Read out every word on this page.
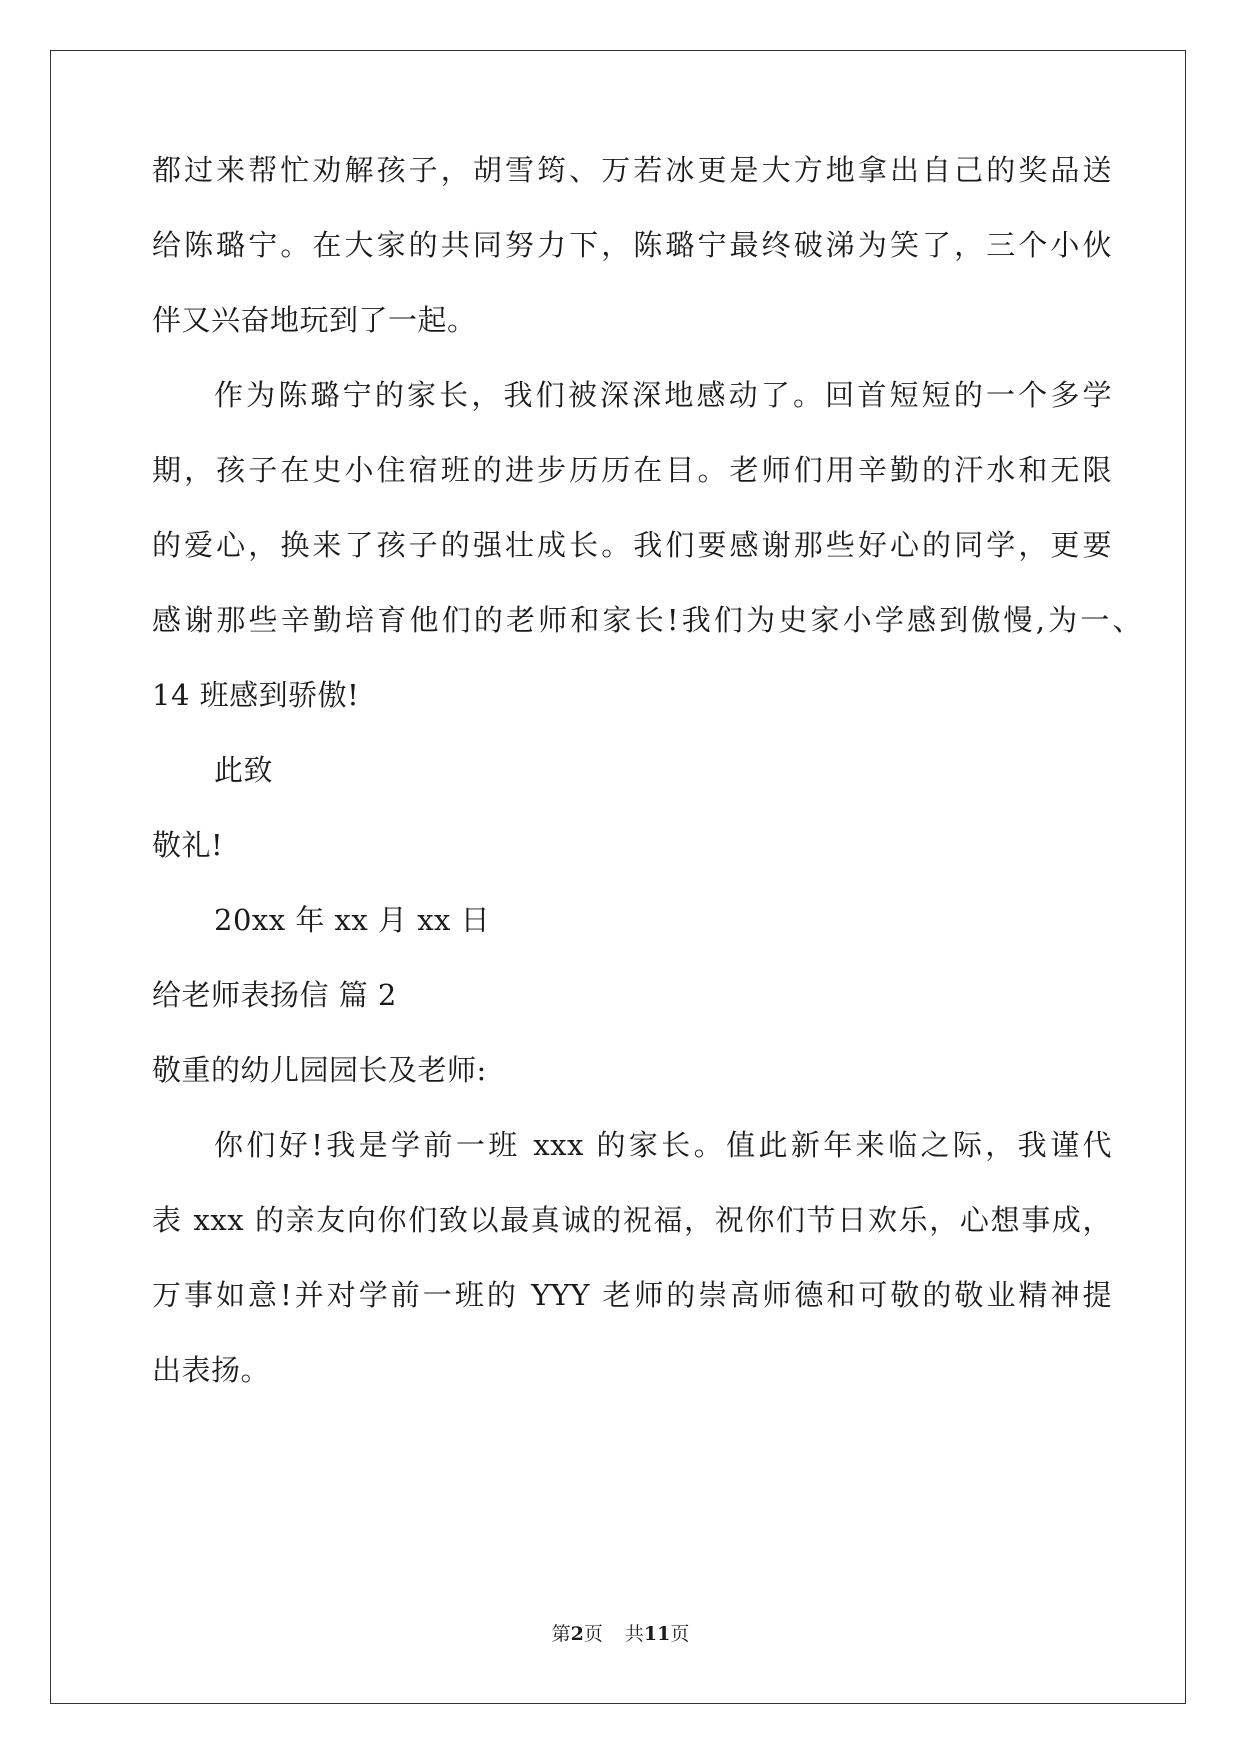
都过来帮忙劝解孩子，胡雪筠、万若冰更是大方地拿出自己的奖品送
给陈璐宁。在大家的共同努力下，陈璐宁最终破涕为笑了，三个小伙
伴又兴奋地玩到了一起。
作为陈璐宁的家长，我们被深深地感动了。回首短短的一个多学
期，孩子在史小住宿班的进步历历在目。老师们用辛勤的汗水和无限
的爱心，换来了孩子的强壮成长。我们要感谢那些好心的同学，更要
感谢那些辛勤培育他们的老师和家长!我们为史家小学感到傲慢,为一、
14 班感到骄傲!
此致
敬礼!
20xx 年 xx 月 xx 日
给老师表扬信 篇 2
敬重的幼儿园园长及老师:
你们好!我是学前一班 xxx 的家长。值此新年来临之际，我谨代
表 xxx 的亲友向你们致以最真诚的祝福，祝你们节日欢乐，心想事成，
万事如意!并对学前一班的 YYY 老师的崇高师德和可敬的敬业精神提
出表扬。
第2页 共11页
